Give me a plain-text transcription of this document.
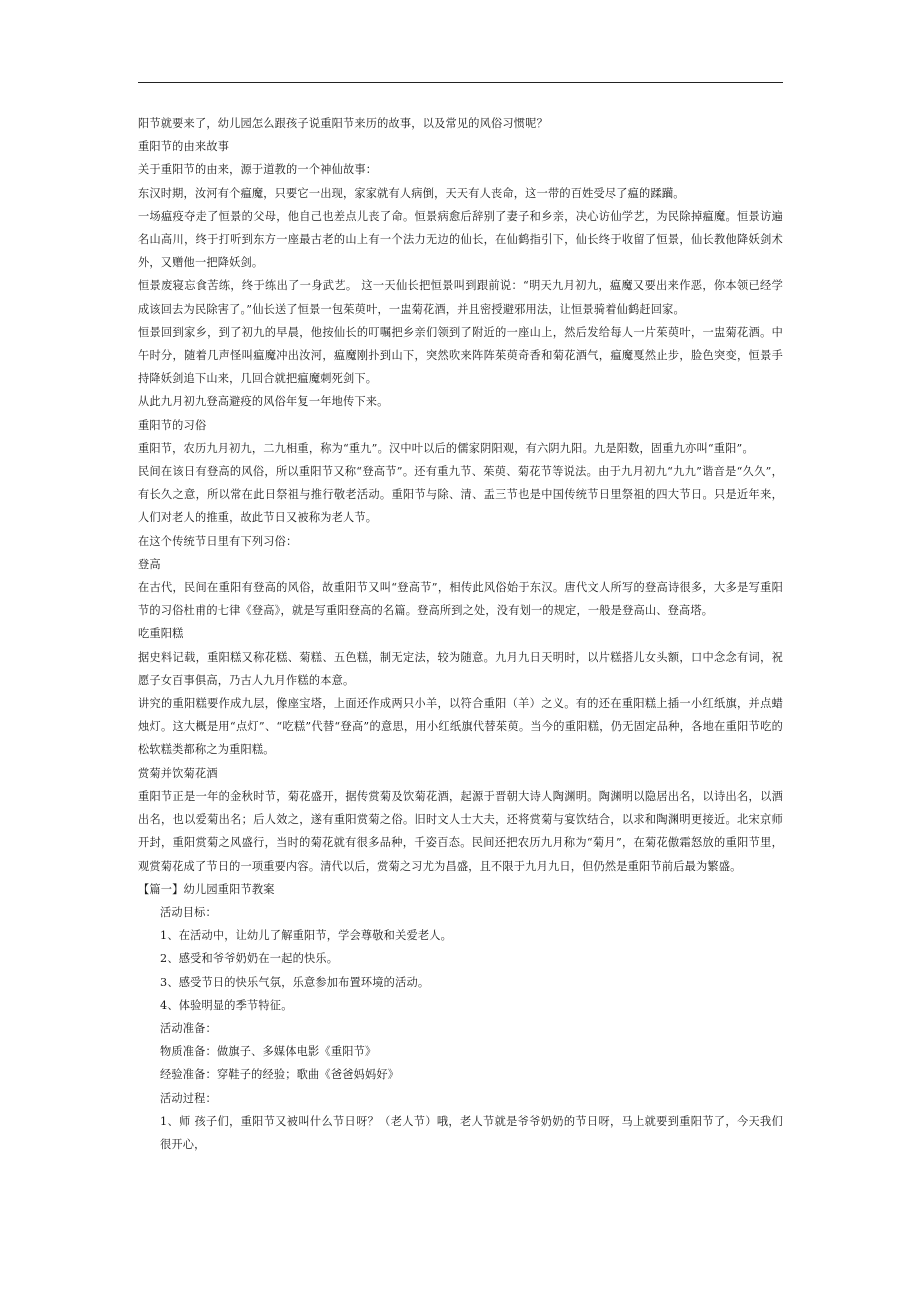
阳节就要来了，幼儿园怎么跟孩子说重阳节来历的故事，以及常见的风俗习惯呢？

重阳节的由来故事

关于重阳节的由来，源于道教的一个神仙故事：

东汉时期，汝河有个瘟魔，只要它一出现，家家就有人病倒，天天有人丧命，这一带的百姓受尽了瘟的蹂躏。

一场瘟疫夺走了恒景的父母，他自己也差点儿丧了命。恒景病愈后辞别了妻子和乡亲，决心访仙学艺，为民除掉瘟魔。恒景访遍名山高川，终于打听到东方一座最古老的山上有一个法力无边的仙长，在仙鹤指引下，仙长终于收留了恒景，仙长教他降妖剑术外，又赠他一把降妖剑。

恒景废寝忘食苦练，终于练出了一身武艺。 这一天仙长把恒景叫到跟前说：“明天九月初九，瘟魔又要出来作恶，你本领已经学成该回去为民除害了。”仙长送了恒景一包茱萸叶，一盅菊花酒，并且密授避邪用法，让恒景骑着仙鹤赶回家。

恒景回到家乡，到了初九的早晨，他按仙长的叮嘱把乡亲们领到了附近的一座山上，然后发给每人一片茱萸叶，一盅菊花酒。中午时分，随着几声怪叫瘟魔冲出汝河，瘟魔刚扑到山下，突然吹来阵阵茱萸奇香和菊花酒气，瘟魔戛然止步，脸色突变，恒景手持降妖剑追下山来，几回合就把瘟魔刺死剑下。

从此九月初九登高避疫的风俗年复一年地传下来。

重阳节的习俗

重阳节，农历九月初九，二九相重，称为“重九”。汉中叶以后的儒家阴阳观，有六阴九阳。九是阳数，固重九亦叫“重阳”。

民间在该日有登高的风俗，所以重阳节又称“登高节”。还有重九节、茱萸、菊花节等说法。由于九月初九“九九”谐音是“久久”，有长久之意，所以常在此日祭祖与推行敬老活动。重阳节与除、清、盂三节也是中国传统节日里祭祖的四大节日。只是近年来，人们对老人的推重，故此节日又被称为老人节。

在这个传统节日里有下列习俗：

登高

在古代，民间在重阳有登高的风俗，故重阳节又叫“登高节”，相传此风俗始于东汉。唐代文人所写的登高诗很多，大多是写重阳节的习俗杜甫的七律《登高》，就是写重阳登高的名篇。登高所到之处，没有划一的规定，一般是登高山、登高塔。

吃重阳糕

据史料记载，重阳糕又称花糕、菊糕、五色糕，制无定法，较为随意。九月九日天明时，以片糕搭儿女头额，口中念念有词，祝愿子女百事俱高，乃古人九月作糕的本意。

讲究的重阳糕要作成九层，像座宝塔，上面还作成两只小羊，以符合重阳（羊）之义。有的还在重阳糕上插一小红纸旗，并点蜡烛灯。这大概是用“点灯”、“吃糕”代替“登高”的意思，用小红纸旗代替茱萸。当今的重阳糕，仍无固定品种，各地在重阳节吃的松软糕类都称之为重阳糕。

赏菊并饮菊花酒

重阳节正是一年的金秋时节，菊花盛开，据传赏菊及饮菊花酒，起源于晋朝大诗人陶渊明。陶渊明以隐居出名，以诗出名，以酒出名，也以爱菊出名；后人效之，遂有重阳赏菊之俗。旧时文人士大夫，还将赏菊与宴饮结合，以求和陶渊明更接近。北宋京师开封，重阳赏菊之风盛行，当时的菊花就有很多品种，千姿百态。民间还把农历九月称为“菊月”，在菊花傲霜怒放的重阳节里，观赏菊花成了节日的一项重要内容。清代以后，赏菊之习尤为昌盛，且不限于九月九日，但仍然是重阳节前后最为繁盛。

【篇一】幼儿园重阳节教案

活动目标：

1、在活动中，让幼儿了解重阳节，学会尊敬和关爱老人。

2、感受和爷爷奶奶在一起的快乐。

3、感受节日的快乐气氛，乐意参加布置环境的活动。

4、体验明显的季节特征。

活动准备：

物质准备：做旗子、多媒体电影《重阳节》

经验准备：穿鞋子的经验；歌曲《爸爸妈妈好》

活动过程：

1、师 孩子们，重阳节又被叫什么节日呀？（老人节）哦，老人节就是爷爷奶奶的节日呀，马上就要到重阳节了，今天我们很开心，
